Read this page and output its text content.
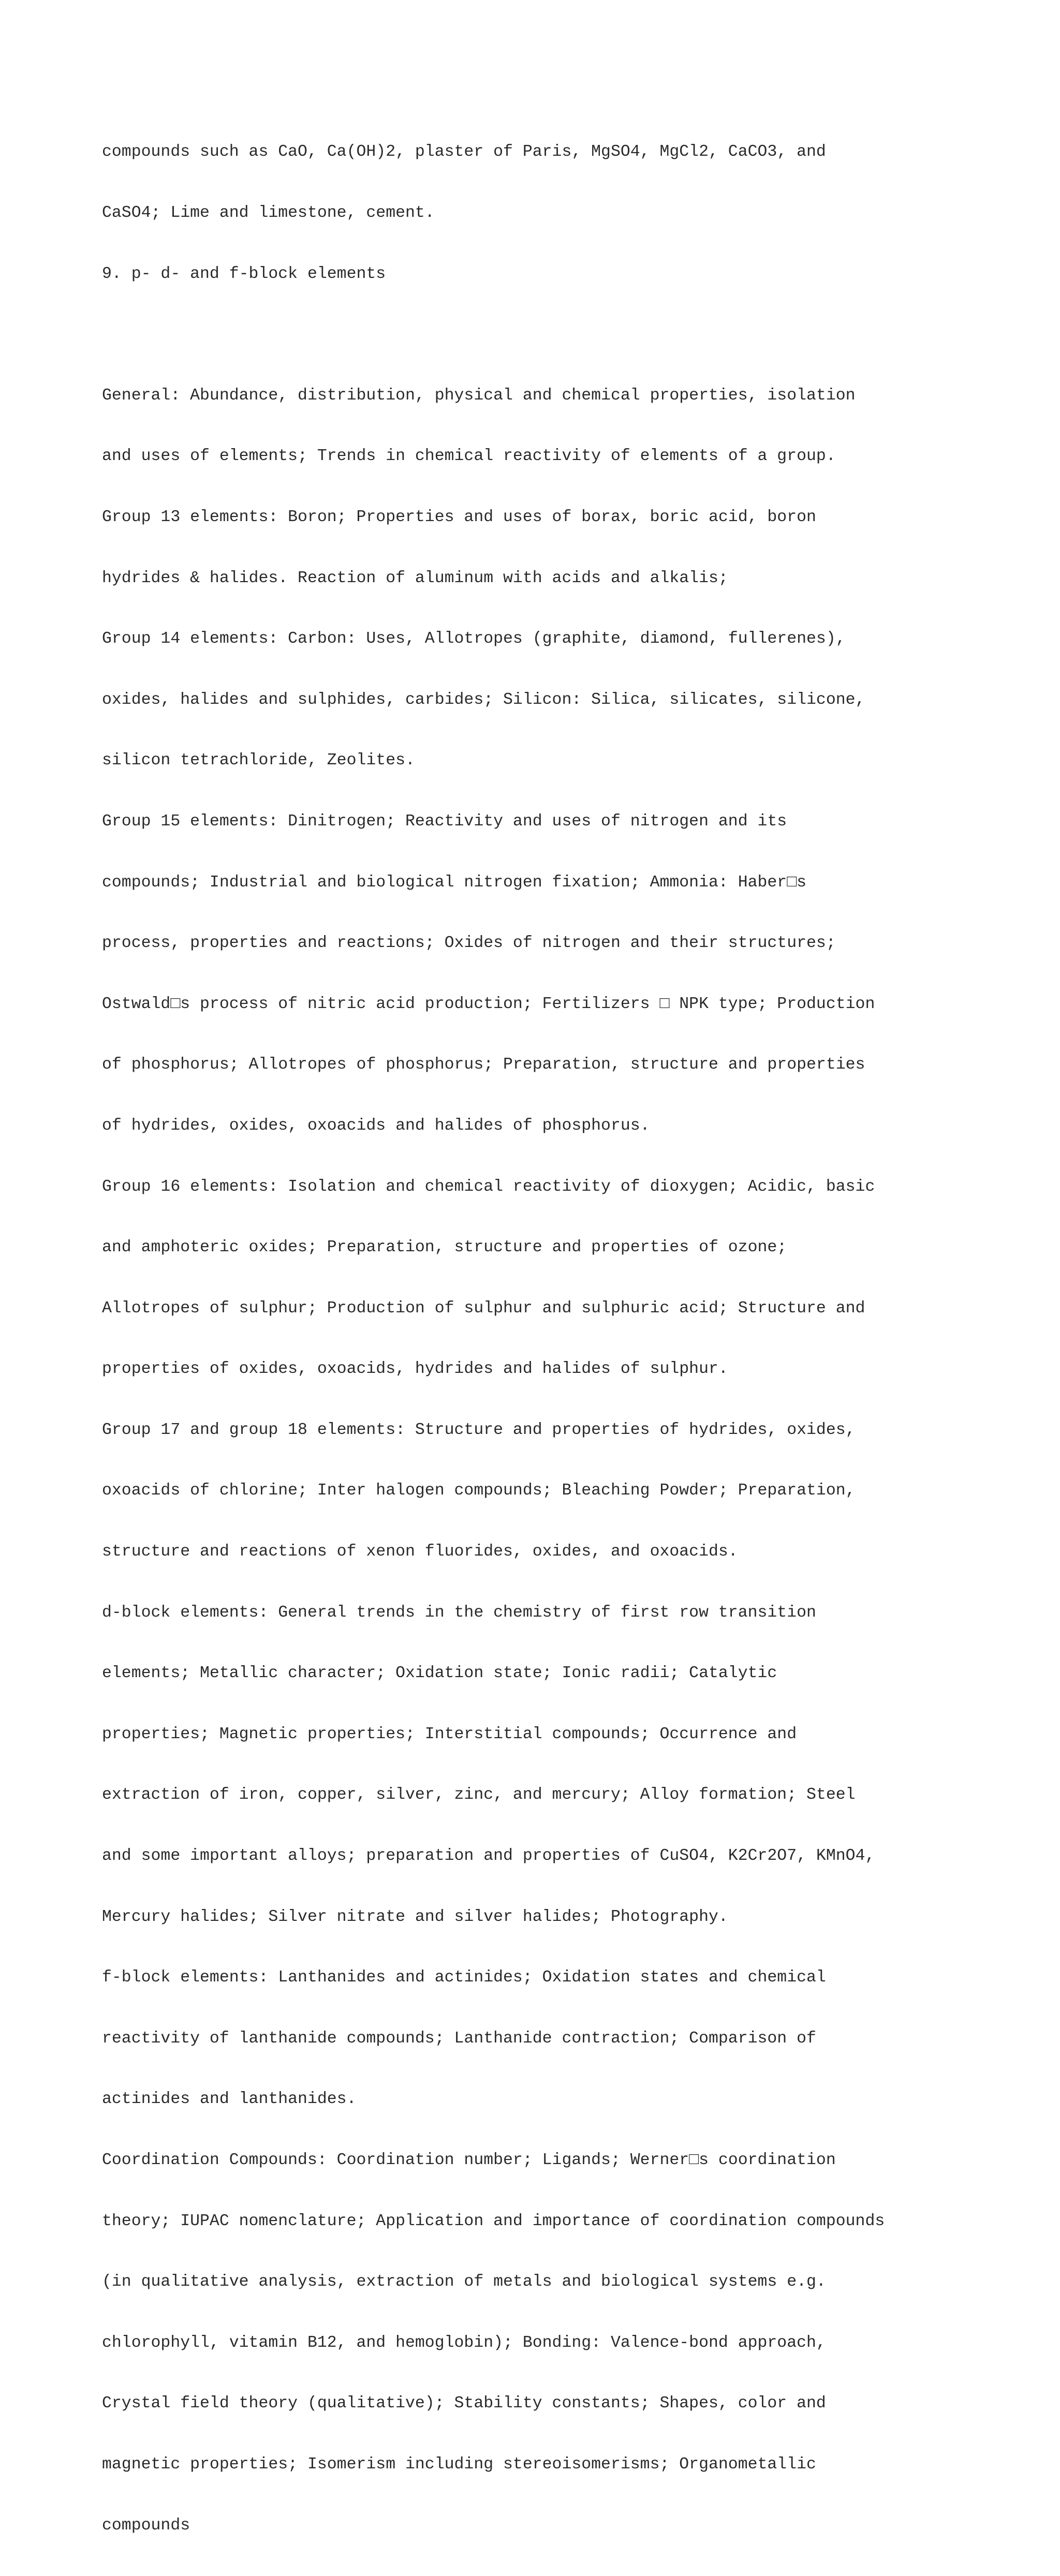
compounds such as CaO, Ca(OH)2, plaster of Paris, MgSO4, MgCl2, CaCO3, and

CaSO4; Lime and limestone, cement.

9. p- d- and f-block elements

General: Abundance, distribution, physical and chemical properties, isolation

and uses of elements; Trends in chemical reactivity of elements of a group.

Group 13 elements: Boron; Properties and uses of borax, boric acid, boron

hydrides & halides. Reaction of aluminum with acids and alkalis;

Group 14 elements: Carbon: Uses, Allotropes (graphite, diamond, fullerenes),

oxides, halides and sulphides, carbides; Silicon: Silica, silicates, silicone,

silicon tetrachloride, Zeolites.

Group 15 elements: Dinitrogen; Reactivity and uses of nitrogen and its

compounds; Industrial and biological nitrogen fixation; Ammonia: Haber□s

process, properties and reactions; Oxides of nitrogen and their structures;

Ostwald□s process of nitric acid production; Fertilizers □ NPK type; Production

of phosphorus; Allotropes of phosphorus; Preparation, structure and properties

of hydrides, oxides, oxoacids and halides of phosphorus.

Group 16 elements: Isolation and chemical reactivity of dioxygen; Acidic, basic

and amphoteric oxides; Preparation, structure and properties of ozone;

Allotropes of sulphur; Production of sulphur and sulphuric acid; Structure and

properties of oxides, oxoacids, hydrides and halides of sulphur.

Group 17 and group 18 elements: Structure and properties of hydrides, oxides,

oxoacids of chlorine; Inter halogen compounds; Bleaching Powder; Preparation,

structure and reactions of xenon fluorides, oxides, and oxoacids.

d-block elements: General trends in the chemistry of first row transition

elements; Metallic character; Oxidation state; Ionic radii; Catalytic

properties; Magnetic properties; Interstitial compounds; Occurrence and

extraction of iron, copper, silver, zinc, and mercury; Alloy formation; Steel

and some important alloys; preparation and properties of CuSO4, K2Cr2O7, KMnO4,

Mercury halides; Silver nitrate and silver halides; Photography.

f-block elements: Lanthanides and actinides; Oxidation states and chemical

reactivity of lanthanide compounds; Lanthanide contraction; Comparison of

actinides and lanthanides.

Coordination Compounds: Coordination number; Ligands; Werner□s coordination

theory; IUPAC nomenclature; Application and importance of coordination compounds

(in qualitative analysis, extraction of metals and biological systems e.g.

chlorophyll, vitamin B12, and hemoglobin); Bonding: Valence-bond approach,

Crystal field theory (qualitative); Stability constants; Shapes, color and

magnetic properties; Isomerism including stereoisomerisms; Organometallic

compounds
